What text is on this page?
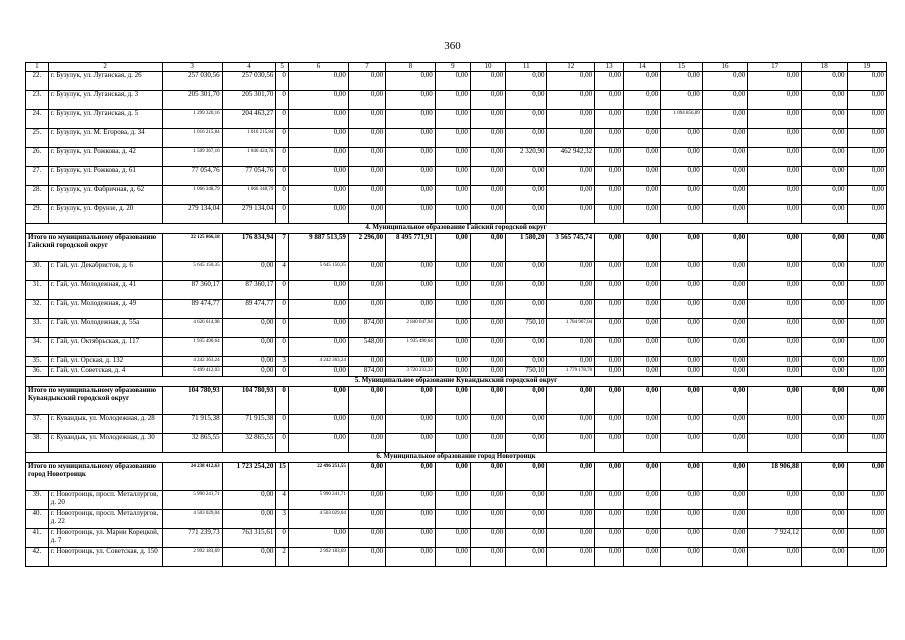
360
1	2	3	4	5	6	7	8	9	10	11	12	13	14	15	16	17	18	19
22.	г. Бузулук, ул. Луганская, д. 26	257 030,56	257 030,56	0	0,00	0,00	0,00	0,00	0,00	0,00	0,00	0,00	0,00	0,00	0,00	0,00	0,00	0,00
23.	г. Бузулук, ул. Луганская, д. 3	205 301,70	205 301,70	0	0,00	0,00	0,00	0,00	0,00	0,00	0,00	0,00	0,00	0,00	0,00	0,00	0,00	0,00
24.	г. Бузулук, ул. Луганская, д. 5	1 299 320,16	204 463,27	0	0,00	0,00	0,00	0,00	0,00	0,00	0,00	0,00	0,00	1 094 856,89	0,00	0,00	0,00	0,00
25.	г. Бузулук, ул. М. Егорова, д. 34	1 016 215,84	1 016 215,84	0	0,00	0,00	0,00	0,00	0,00	0,00	0,00	0,00	0,00	0,00	0,00	0,00	0,00	0,00
26.	г. Бузулук, ул. Рожкова, д. 42	1 509 367,10	1 046 424,78	0	0,00	0,00	0,00	0,00	0,00	2 320,90	462 942,32	0,00	0,00	0,00	0,00	0,00	0,00	0,00
27.	г. Бузулук, ул. Рожкова, д. 61	77 054,76	77 054,76	0	0,00	0,00	0,00	0,00	0,00	0,00	0,00	0,00	0,00	0,00	0,00	0,00	0,00	0,00
28.	г. Бузулук, ул. Фабричная, д. 62	1 066 348,79	1 066 348,79	0	0,00	0,00	0,00	0,00	0,00	0,00	0,00	0,00	0,00	0,00	0,00	0,00	0,00	0,00
29.	г. Бузулук, ул. Фрунзе, д. 20	279 134,04	279 134,04	0	0,00	0,00	0,00	0,00	0,00	0,00	0,00	0,00	0,00	0,00	0,00	0,00	0,00	0,00
4. Муниципальное образование Гайский городской округ																		
Итого по муниципальному образованию Гайский городской округ		22 125 866,18	176 834,94	7	9 887 513,59	2 296,00	8 495 771,91	0,00	0,00	1 580,20	3 565 745,74	0,00	0,00	0,00	0,00	0,00	0,00	0,00
30.	г. Гай, ул. Декабристов, д. 6	5 645 150,35	0,00	4	5 645 150,35	0,00	0,00	0,00	0,00	0,00	0,00	0,00	0,00	0,00	0,00	0,00	0,00	0,00
31.	г. Гай, ул. Молодежная, д. 41	87 360,17	87 360,17	0	0,00	0,00	0,00	0,00	0,00	0,00	0,00	0,00	0,00	0,00	0,00	0,00	0,00	0,00
32.	г. Гай, ул. Молодежная, д. 49	89 474,77	89 474,77	0	0,00	0,00	0,00	0,00	0,00	0,00	0,00	0,00	0,00	0,00	0,00	0,00	0,00	0,00
33.	г. Гай, ул. Молодежная, д. 55а	4 626 614,98	0,00	0	0,00	874,00	2 840 047,94	0,00	0,00	750,10	1 784 967,04	0,00	0,00	0,00	0,00	0,00	0,00	0,00
34.	г. Гай, ул. Октябрьская, д. 117	1 935 490,64	0,00	0	0,00	548,00	1 935 490,64	0,00	0,00	0,00	0,00	0,00	0,00	0,00	0,00	0,00	0,00	0,00
35.	г. Гай, ул. Орская, д. 132	4 242 363,24	0,00	3	4 242 363,24	0,00	0,00	0,00	0,00	0,00	0,00	0,00	0,00	0,00	0,00	0,00	0,00	0,00
36.	г. Гай, ул. Советская, д. 4	5 499 412,03	0,00	0	0,00	874,00	3 720 233,33	0,00	0,00	750,10	1 779 178,70	0,00	0,00	0,00	0,00	0,00	0,00	0,00
5. Муниципальное образование Кувандыкский городской округ																		
Итого по муниципальному образованию Кувандыкский городской округ		104 780,93	104 780,93	0	0,00	0,00	0,00	0,00	0,00	0,00	0,00	0,00	0,00	0,00	0,00	0,00	0,00	0,00
37.	г. Кувандык, ул. Молодежная, д. 28	71 915,38	71 915,38	0	0,00	0,00	0,00	0,00	0,00	0,00	0,00	0,00	0,00	0,00	0,00	0,00	0,00	0,00
38.	г. Кувандык, ул. Молодежная, д. 30	32 865,55	32 865,55	0	0,00	0,00	0,00	0,00	0,00	0,00	0,00	0,00	0,00	0,00	0,00	0,00	0,00	0,00
6. Муниципальное образование город Новотроицк																		
Итого по муниципальному образованию город Новотроицк		24 238 412,63	1 723 254,20	15	22 496 251,55	0,00	0,00	0,00	0,00	0,00	0,00	0,00	0,00	0,00	0,00	18 906,88	0,00	0,00
39.	г. Новотроицк, просп. Металлургов, д. 20	5 990 241,71	0,00	4	5 990 241,71	0,00	0,00	0,00	0,00	0,00	0,00	0,00	0,00	0,00	0,00	0,00	0,00	0,00
40.	г. Новотроицк, просп. Металлургов, д. 22	4 503 029,04	0,00	3	4 503 029,04	0,00	0,00	0,00	0,00	0,00	0,00	0,00	0,00	0,00	0,00	0,00	0,00	0,00
41.	г. Новотроицк, ул. Марии Корецкой, д. 7	771 239,73	763 315,61	0	0,00	0,00	0,00	0,00	0,00	0,00	0,00	0,00	0,00	0,00	0,00	7 924,12	0,00	0,00
42.	г. Новотроицк, ул. Советская, д. 150	2 992 183,69	0,00	2	2 992 183,69	0,00	0,00	0,00	0,00	0,00	0,00	0,00	0,00	0,00	0,00	0,00	0,00	0,00
